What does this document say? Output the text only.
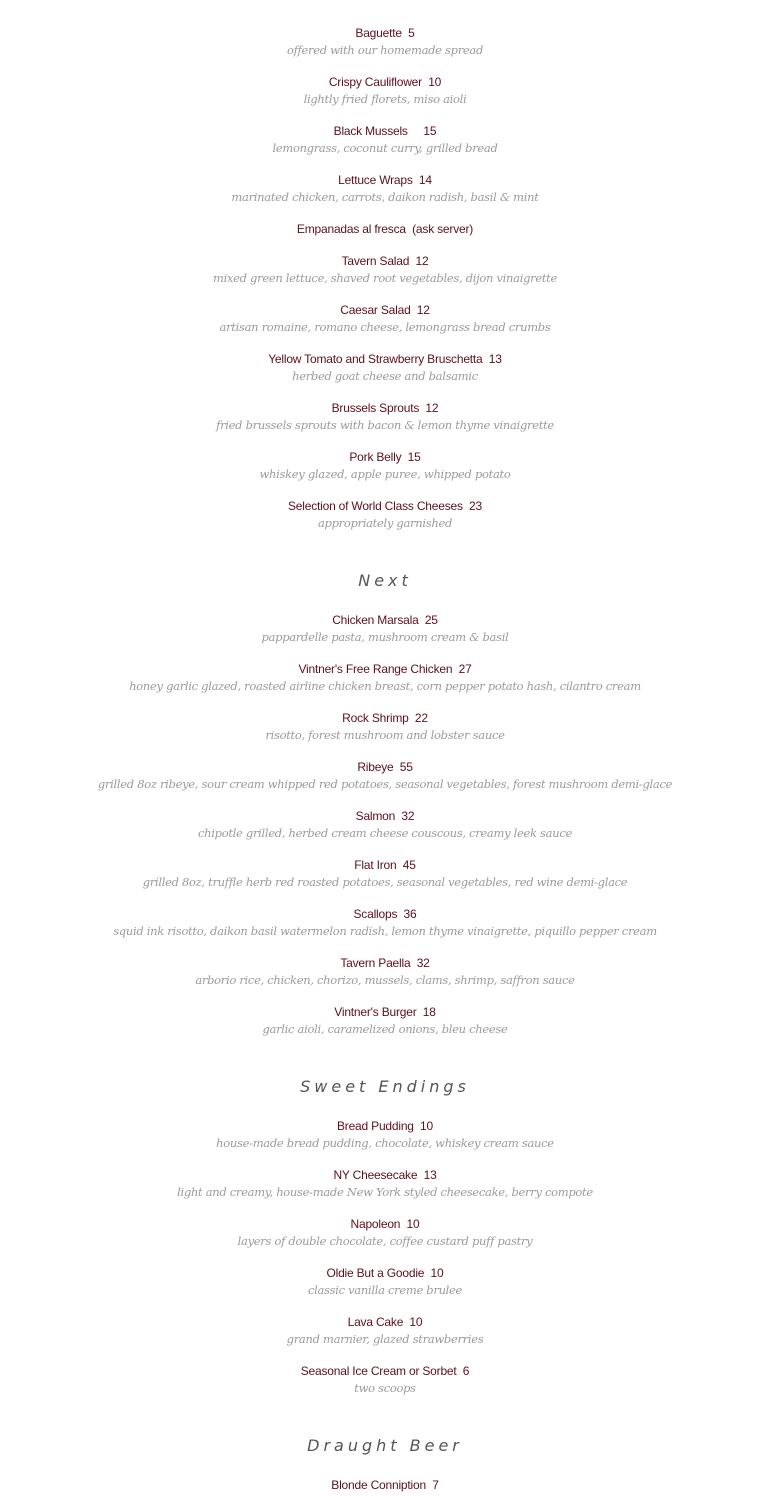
Baguette  5
offered with our homemade spread
Crispy Cauliflower  10
lightly fried florets, miso aioli
Black Mussels     15
lemongrass, coconut curry, grilled bread
Lettuce Wraps  14
marinated chicken, carrots, daikon radish, basil & mint
Empanadas al fresca  (ask server)
Tavern Salad  12
mixed green lettuce, shaved root vegetables, dijon vinaigrette
Caesar Salad  12
artisan romaine, romano cheese, lemongrass bread crumbs
Yellow Tomato and Strawberry Bruschetta  13
herbed goat cheese and balsamic
Brussels Sprouts  12
fried brussels sprouts with bacon & lemon thyme vinaigrette
Pork Belly  15
whiskey glazed, apple puree, whipped potato
Selection of World Class Cheeses  23
appropriately garnished
Next
Chicken Marsala  25
pappardelle pasta, mushroom cream & basil
Vintner's Free Range Chicken  27
honey garlic glazed, roasted airline chicken breast, corn pepper potato hash, cilantro cream
Rock Shrimp  22
risotto, forest mushroom and lobster sauce
Ribeye  55
grilled 8oz ribeye, sour cream whipped red potatoes, seasonal vegetables, forest mushroom demi-glace
Salmon  32
chipotle grilled, herbed cream cheese couscous, creamy leek sauce
Flat Iron  45
grilled 8oz, truffle herb red roasted potatoes, seasonal vegetables, red wine demi-glace
Scallops  36
squid ink risotto, daikon basil watermelon radish, lemon thyme vinaigrette, piquillo pepper cream
Tavern Paella  32
arborio rice, chicken, chorizo, mussels, clams, shrimp, saffron sauce
Vintner's Burger  18
garlic aioli, caramelized onions, bleu cheese
Sweet Endings
Bread Pudding  10
house-made bread pudding, chocolate, whiskey cream sauce
NY Cheesecake  13
light and creamy, house-made New York styled cheesecake, berry compote
Napoleon  10
layers of double chocolate, coffee custard puff pastry
Oldie But a Goodie  10
classic vanilla creme brulee
Lava Cake  10
grand marnier, glazed strawberries
Seasonal Ice Cream or Sorbet  6
two scoops
Draught Beer
Blonde Conniption  7
